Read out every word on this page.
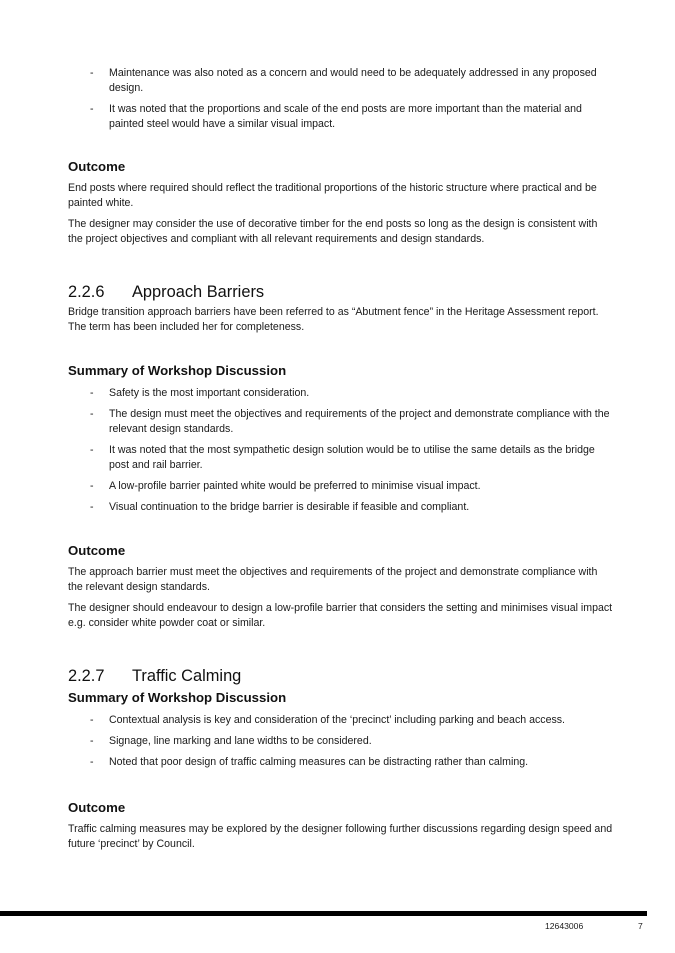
- Maintenance was also noted as a concern and would need to be adequately addressed in any proposed design.
- It was noted that the proportions and scale of the end posts are more important than the material and painted steel would have a similar visual impact.
Outcome

End posts where required should reflect the traditional proportions of the historic structure where practical and be painted white.

The designer may consider the use of decorative timber for the end posts so long as the design is consistent with the project objectives and compliant with all relevant requirements and design standards.

2.2.6 Approach Barriers

Bridge transition approach barriers have been referred to as “Abutment fence” in the Heritage Assessment report. The term has been included her for completeness.

Summary of Workshop Discussion
- Safety is the most important consideration.
- The design must meet the objectives and requirements of the project and demonstrate compliance with the relevant design standards.
- It was noted that the most sympathetic design solution would be to utilise the same details as the bridge post and rail barrier.
- A low-profile barrier painted white would be preferred to minimise visual impact.
- Visual continuation to the bridge barrier is desirable if feasible and compliant.
Outcome

The approach barrier must meet the objectives and requirements of the project and demonstrate compliance with the relevant design standards.

The designer should endeavour to design a low-profile barrier that considers the setting and minimises visual impact e.g. consider white powder coat or similar.

2.2.7 Traffic Calming
Summary of Workshop Discussion
- Contextual analysis is key and consideration of the ‘precinct’ including parking and beach access.
- Signage, line marking and lane widths to be considered.
- Noted that poor design of traffic calming measures can be distracting rather than calming.
Outcome

Traffic calming measures may be explored by the designer following further discussions regarding design speed and future ‘precinct’ by Council.

12643006	7
